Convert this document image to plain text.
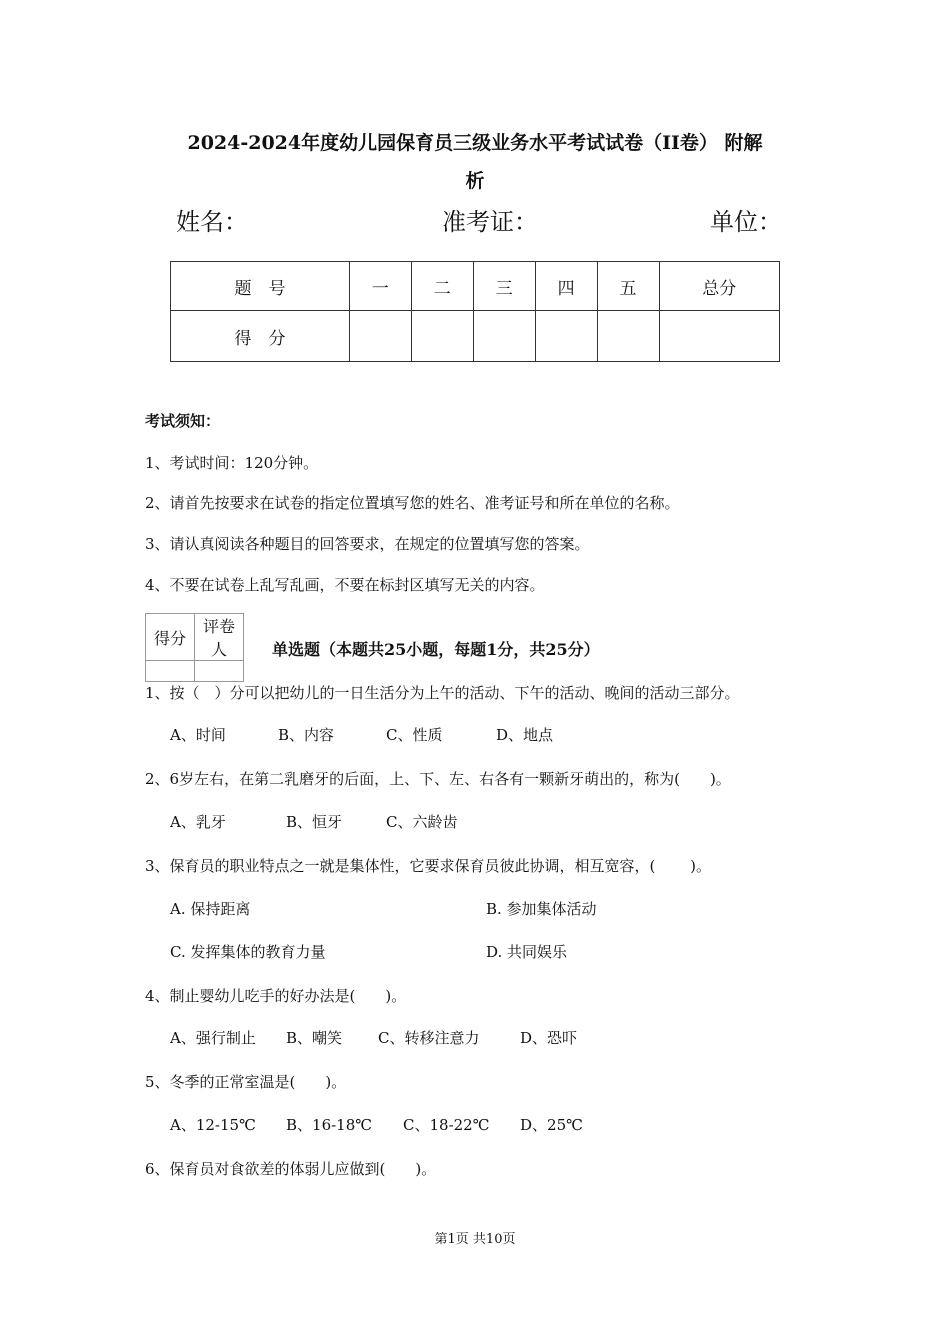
2024-2024年度幼儿园保育员三级业务水平考试试卷（II卷） 附解
析
姓名：	准考证：	单位：
题　号	一	二	三	四	五	总分
得　分						
考试须知：
1、考试时间：120分钟。
2、请首先按要求在试卷的指定位置填写您的姓名、准考证号和所在单位的名称。
3、请认真阅读各种题目的回答要求，在规定的位置填写您的答案。
4、不要在试卷上乱写乱画，不要在标封区填写无关的内容。
得分	评卷人
		单选题（本题共25小题，每题1分，共25分）
1、按（　）分可以把幼儿的一日生活分为上午的活动、下午的活动、晚间的活动三部分。
A、时间	B、内容	C、性质	D、地点
2、6岁左右，在第二乳磨牙的后面，上、下、左、右各有一颗新牙萌出的，称为(　　)。
A、乳牙	B、恒牙	C、六龄齿
3、保育员的职业特点之一就是集体性，它要求保育员彼此协调，相互宽容，(　　 )。
A. 保持距离	B. 参加集体活动
C. 发挥集体的教育力量	D. 共同娱乐
4、制止婴幼儿吃手的好办法是(　　)。
A、强行制止 B、嘲笑 C、转移注意力	D、恐吓
5、冬季的正常室温是(　　)。
A、12-15℃ B、16-18℃ C、18-22℃ D、25℃
6、保育员对食欲差的体弱儿应做到(　　)。
第1页 共10页
